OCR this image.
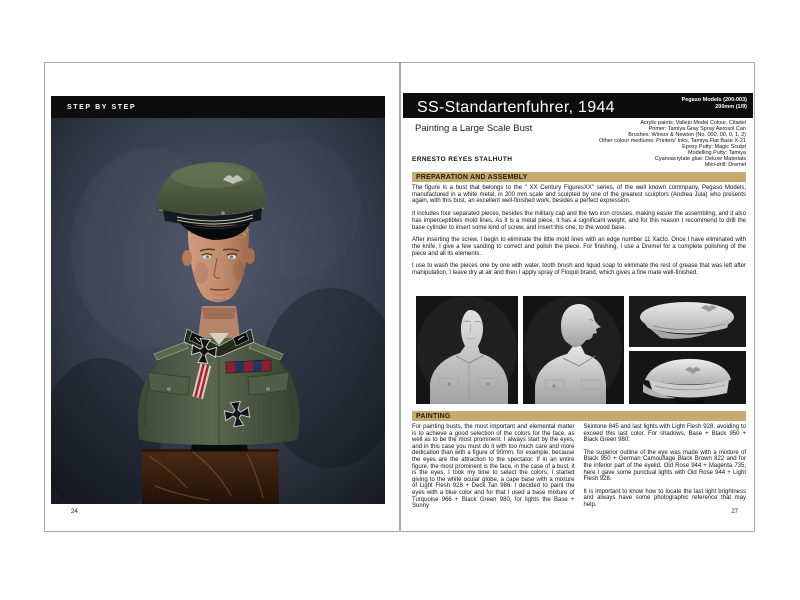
STEP BY STEP
24
SS-Standartenfuhrer, 1944	Pegaso Models (200-003)
200mm (1/9)
Painting a Large Scale Bust	Acrylic paints: Vallejo Model Colour, Citadel
Primer: Tamiya Gray Spray Aerosol Can
Brushes: Winsor & Newton (No. 000, 00, 0, 1, 2)
Other colour mediums: Printers' Inks, Tamiya Flat Base X-21
Epoxy Putty: Magic Sculpt
Modelling Putty: Tamiya
Cyanoacrylate glue: Deluxe Materials
Mini-drill: Dremel
ERNESTO REYES STALHUTH
PREPARATION AND ASSEMBLY

The figure is a bust that belongs to the " XX Century FiguresXX" series, of the well known commpany, Pegaso Models, manufactured in a white metal, in 200 mm scale and sculpted by one of the greatest sculptors (Andrea Jula) who presents again, with this bust, an excellent well-finished work, besides a perfect expression.

It includes four separated pieces, besides the military cap and the two iron crosses, making easier the assembling, and it also has imperceptibles mold lines. As it is a metal piece, it has a significant weight, and for this reason I recommend to drill the base cylinder to insert some kind of screw, and insert this one, to the wood base.

After inserting the screw, I begin to eliminate the little mold lines with an edge number 11 Xacto. Once I have eliminated with the knife, I give a few sanding to correct and polish the piece. For finishing, I use a Dremel for a complete polishing of the piece and all its elements.

I use to wash the pieces one by one with water, tooth brush and liquid soap to eliminate the rest of grease that was left after manipulation, I leave dry at air and then I apply spray of Floquil brand, which gives a fine mate well-finished.

PAINTING

For painting busts, the most important and elemental matter is to achieve a good selection of the colors for the face, as well as to be the most prominent. I always start by the eyes, and in this case you must do it with too much care and more dedication than with a figure of 90mm, for example, because the eyes are the attraction to the spectator. If in an entire figure, the most prominent is the face, in the case of a bust, it is the eyes. I took my time to select the colors, I started giving to the white ocular globe, a cape base with a mixture of Light Flesh 928 + Deck Tan 986. I decided to paint the eyes with a blue color and for that I used a base mixture of Turquoise 966 + Black Green 980, for lights the Base + Sunny

Skintone 845 and last lights with Light Flesh 928, avoiding to exceed this last color. For shadows, Base + Black 950 + Black Green 980.

The superior outline of the eye was made with a mixture of Black 950 + German Camouflage Black Brown 822 and for the inferior part of the eyelid, Old Rose 944 + Magenta 735, here I gave some punctual lights with Old Rose 944 + Light Flesh 928.

It is important to know how to locate the last light brightness and always have some photographic reference that may help.

27
